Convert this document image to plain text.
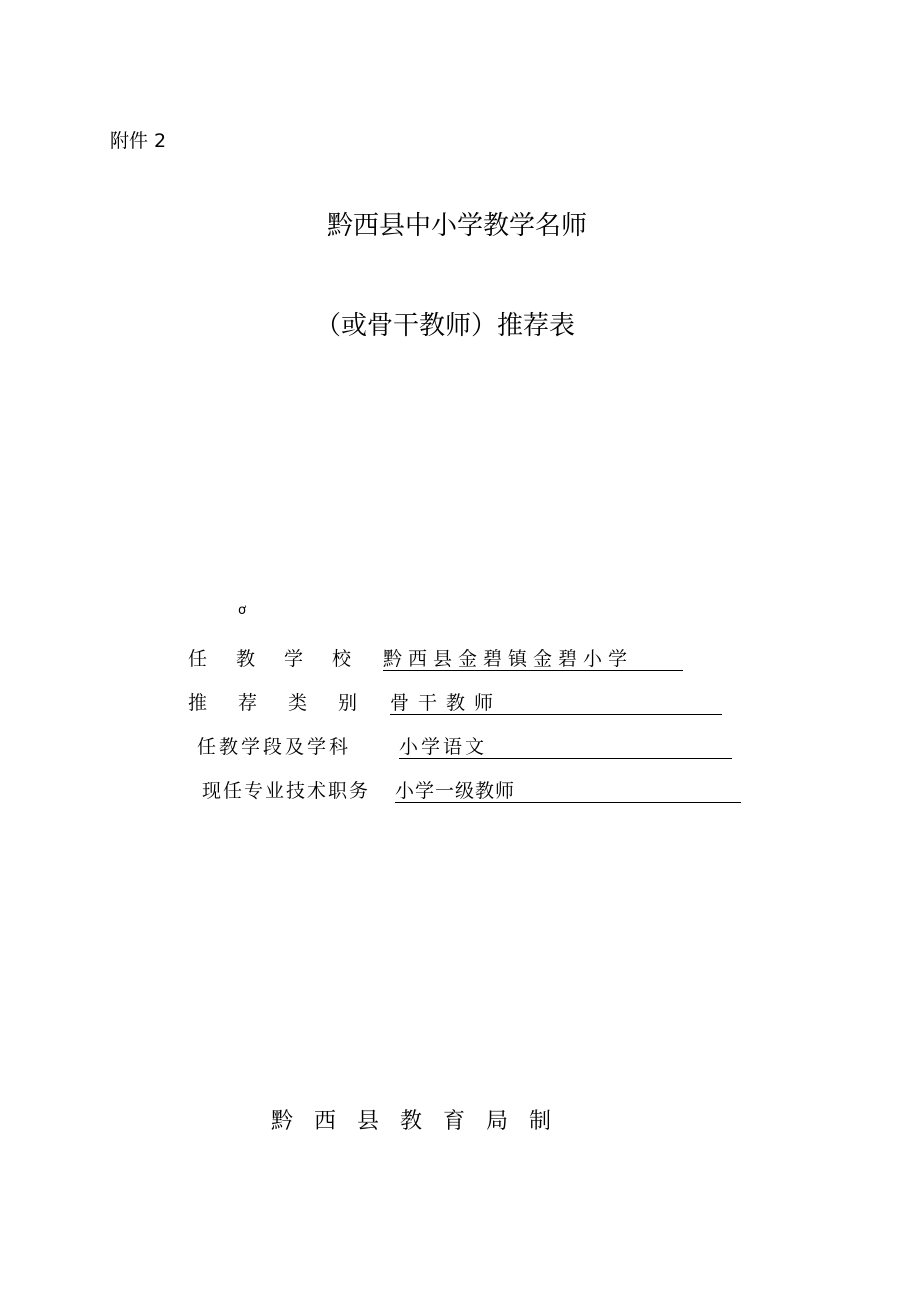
附件 2
黔西县中小学教学名师
（或骨干教师）推荐表
ơ
任教学校 黔西县金碧镇金碧小学
推荐类别 骨干教师
任教学段及学科	小学语文
现任专业技术职务 小学一级教师
黔西县教育局制
